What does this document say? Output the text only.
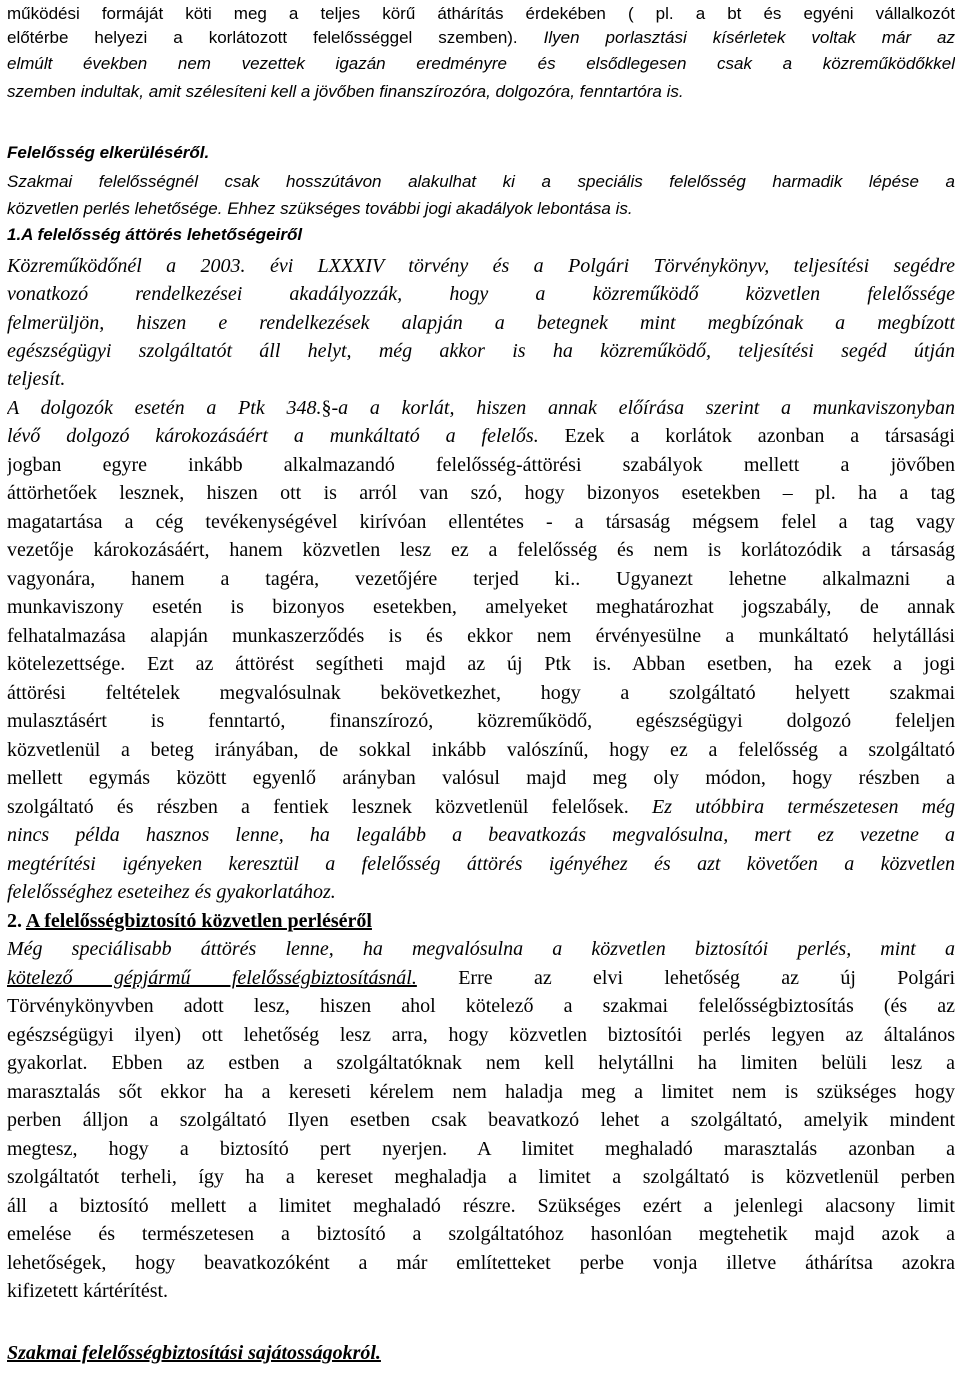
működési formáját köti meg a teljes körű áthárítás érdekében ( pl. a bt és egyéni vállalkozót
előtérbe helyezi a korlátozott felelősséggel szemben). Ilyen porlasztási kísérletek voltak már az
elmúlt években nem vezettek igazán eredményre és elsődlegesen csak a közreműködőkkel
szemben indultak, amit szélesíteni kell a jövőben finanszírozóra, dolgozóra, fenntartóra is.
Felelősség elkerüléséről.
Szakmai felelősségnél csak hosszútávon alakulhat ki a speciális felelősség harmadik lépése a
közvetlen perlés lehetősége. Ehhez szükséges további jogi akadályok lebontása is.
1.A felelősség áttörés lehetőségeiről
Közreműködőnél a 2003. évi LXXXIV törvény és a Polgári Törvénykönyv, teljesítési segédre
vonatkozó rendelkezései akadályozzák, hogy a közreműködő közvetlen felelőssége
felmerüljön, hiszen e rendelkezések alapján a betegnek mint megbízónak a megbízott
egészségügyi szolgáltatót áll helyt, még akkor is ha közreműködő, teljesítési segéd útján
teljesít.
A dolgozók esetén a Ptk 348.§-a a korlát, hiszen annak előírása szerint a munkaviszonyban
lévő dolgozó károkozásáért a munkáltató a felelős. Ezek a korlátok azonban a társasági
jogban egyre inkább alkalmazandó felelősség-áttörési szabályok mellett a jövőben
áttörhetőek lesznek, hiszen ott is arról van szó, hogy bizonyos esetekben – pl. ha a tag
magatartása a cég tevékenységével kirívóan ellentétes - a társaság mégsem felel a tag vagy
vezetője károkozásáért, hanem közvetlen lesz ez a felelősség és nem is korlátozódik a társaság
vagyonára, hanem a tagéra, vezetőjére terjed ki.. Ugyanezt lehetne alkalmazni a
munkaviszony esetén is bizonyos esetekben, amelyeket meghatározhat jogszabály, de annak
felhatalmazása alapján munkaszerződés is és ekkor nem érvényesülne a munkáltató helytállási
kötelezettsége. Ezt az áttörést segítheti majd az új Ptk is. Abban esetben, ha ezek a jogi
áttörési feltételek megvalósulnak bekövetkezhet, hogy a szolgáltató helyett szakmai
mulasztásért is fenntartó, finanszírozó, közreműködő, egészségügyi dolgozó feleljen
közvetlenül a beteg irányában, de sokkal inkább valószínű, hogy ez a felelősség a szolgáltató
mellett egymás között egyenlő arányban valósul majd meg oly módon, hogy részben a
szolgáltató és részben a fentiek lesznek közvetlenül felelősek. Ez utóbbira természetesen még
nincs példa hasznos lenne, ha legalább a beavatkozás megvalósulna, mert ez vezetne a
megtérítési igényeken keresztül a felelősség áttörés igényéhez és azt követően a közvetlen
felelősséghez eseteihez és gyakorlatához.
2. A felelősségbiztosító közvetlen perléséről
Még speciálisabb áttörés lenne, ha megvalósulna a közvetlen biztosítói perlés, mint a
kötelező gépjármű felelősségbiztosításnál. Erre az elvi lehetőség az új Polgári
Törvénykönyvben adott lesz, hiszen ahol kötelező a szakmai felelősségbiztosítás (és az
egészségügyi ilyen) ott lehetőség lesz arra, hogy közvetlen biztosítói perlés legyen az általános
gyakorlat. Ebben az estben a szolgáltatóknak nem kell helytállni ha limiten belüli lesz a
marasztalás sőt ekkor ha a kereseti kérelem nem haladja meg a limitet nem is szükséges hogy
perben álljon a szolgáltató Ilyen esetben csak beavatkozó lehet a szolgáltató, amelyik mindent
megtesz, hogy a biztosító pert nyerjen. A limitet meghaladó marasztalás azonban a
szolgáltatót terheli, így ha a kereset meghaladja a limitet a szolgáltató is közvetlenül perben
áll a biztosító mellett a limitet meghaladó részre. Szükséges ezért a jelenlegi alacsony limit
emelése és természetesen a biztosító a szolgáltatóhoz hasonlóan megtehetik majd azok a
lehetőségek, hogy beavatkozóként a már említetteket perbe vonja illetve áthárítsa azokra
kifizetett kártérítést.
Szakmai felelősségbiztosítási sajátosságokról.
